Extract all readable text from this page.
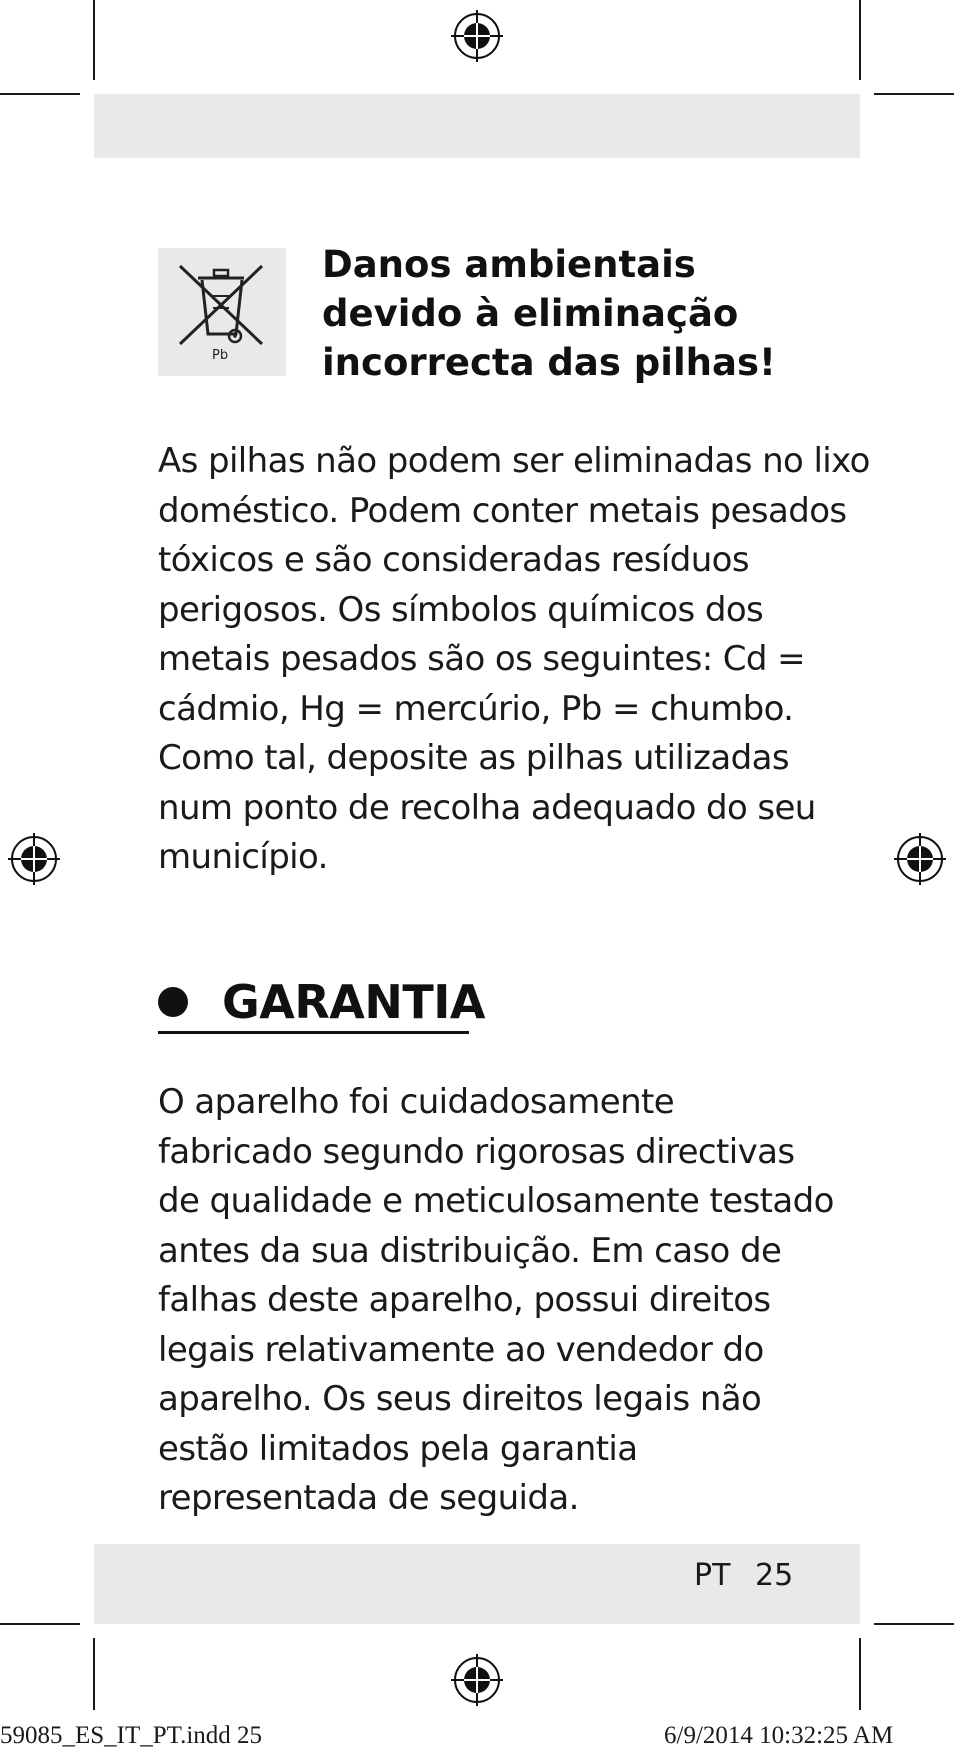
Pb
Danos ambientais
devido à eliminação
incorrecta das pilhas!
As pilhas não podem ser eliminadas no lixo
doméstico. Podem conter metais pesados
tóxicos e são consideradas resíduos
perigosos. Os símbolos químicos dos
metais pesados são os seguintes: Cd =
cádmio, Hg = mercúrio, Pb = chumbo.
Como tal, deposite as pilhas utilizadas
num ponto de recolha adequado do seu
município.
GARANTIA
O aparelho foi cuidadosamente
fabricado segundo rigorosas directivas
de qualidade e meticulosamente testado
antes da sua distribuição. Em caso de
falhas deste aparelho, possui direitos
legais relativamente ao vendedor do
aparelho. Os seus direitos legais não
estão limitados pela garantia
representada de seguida.
PT 25
59085_ES_IT_PT.indd 25	6/9/2014 10:32:25 AM
